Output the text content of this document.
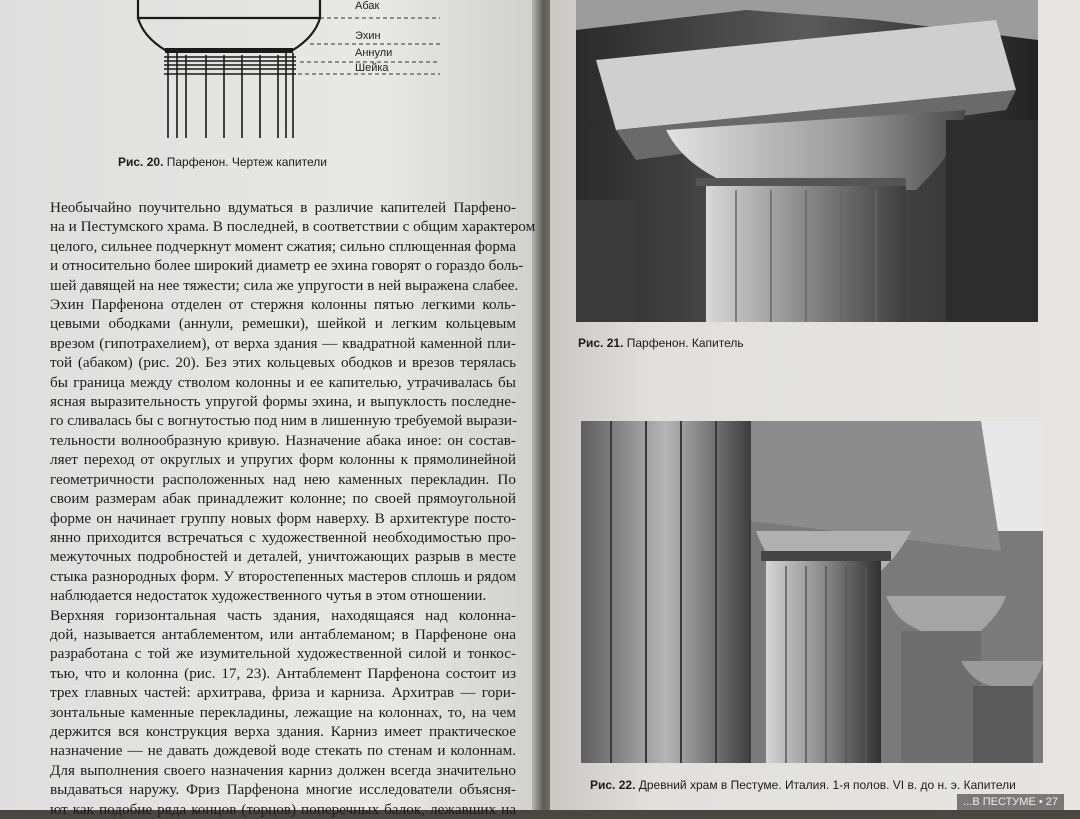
Абак
Эхин
Аннули
Шейка
Рис. 20. Парфенон. Чертеж капители

Необычайно поучительно вдуматься в различие капителей Парфено-
на и Пестумского храма. В последней, в соответствии с общим характером
целого, сильнее подчеркнут момент сжатия; сильно сплющенная форма
и относительно более широкий диаметр ее эхина говорят о гораздо боль-
шей давящей на нее тяжести; сила же упругости в ней выражена слабее.

Эхин Парфенона отделен от стержня колонны пятью легкими коль-
цевыми ободками (аннули, ремешки), шейкой и легким кольцевым
врезом (гипотрахелием), от верха здания — квадратной каменной пли-
той (абаком) (рис. 20). Без этих кольцевых ободков и врезов терялась
бы граница между стволом колонны и ее капителью, утрачивалась бы
ясная выразительность упругой формы эхина, и выпуклость последне-
го сливалась бы с вогнутостью под ним в лишенную требуемой вырази-
тельности волнообразную кривую. Назначение абака иное: он состав-
ляет переход от округлых и упругих форм колонны к прямолинейной
геометричности расположенных над нею каменных перекладин. По
своим размерам абак принадлежит колонне; по своей прямоугольной
форме он начинает группу новых форм наверху. В архитектуре посто-
янно приходится встречаться с художественной необходимостью про-
межуточных подробностей и деталей, уничтожающих разрыв в месте
стыка разнородных форм. У второстепенных мастеров сплошь и рядом
наблюдается недостаток художественного чутья в этом отношении.

Верхняя горизонтальная часть здания, находящаяся над колонна-
дой, называется антаблементом, или антаблеманом; в Парфеноне она
разработана с той же изумительной художественной силой и тонкос-
тью, что и колонна (рис. 17, 23). Антаблемент Парфенона состоит из
трех главных частей: архитрава, фриза и карниза. Архитрав — гори-
зонтальные каменные перекладины, лежащие на колоннах, то, на чем
держится вся конструкция верха здания. Карниз имеет практическое
назначение — не давать дождевой воде стекать по стенам и колоннам.
Для выполнения своего назначения карниз должен всегда значительно
выдаваться наружу. Фриз Парфенона многие исследователи объясня-
ют как подобие ряда концов (торцов) поперечных балок, лежавших на

Рис. 21. Парфенон. Капитель
Рис. 22. Древний храм в Пестуме. Италия. 1-я полов. VI в. до н. э. Капители
...В ПЕСТУМЕ • 27
